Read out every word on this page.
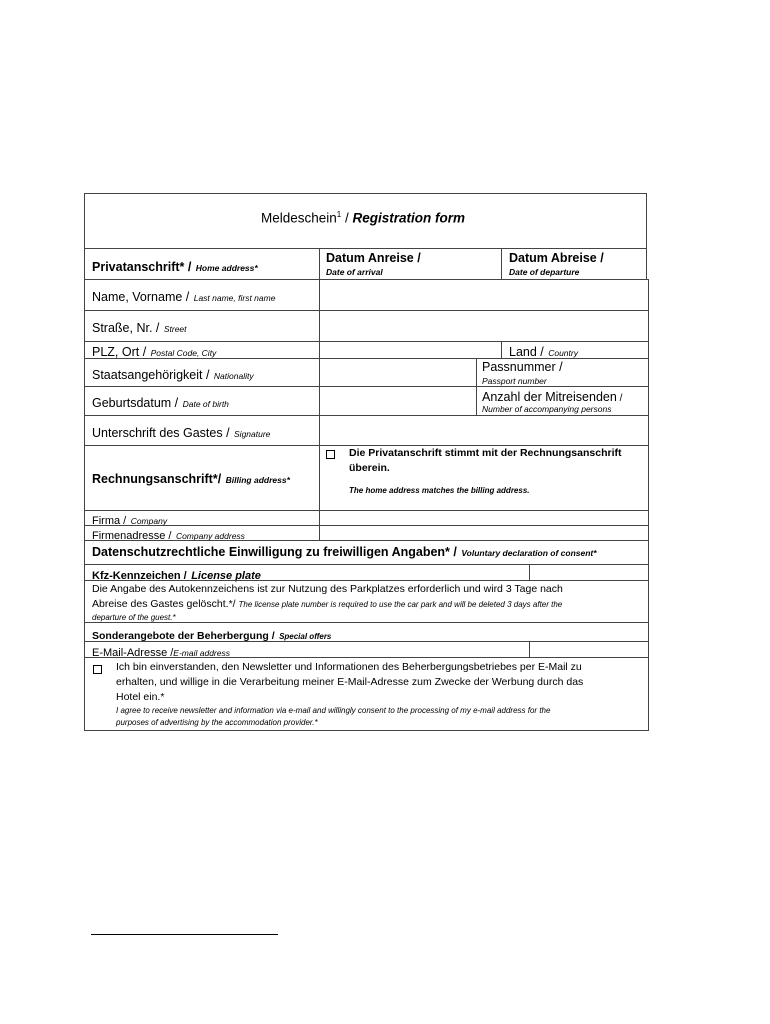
Meldeschein$^1$ / Registration form
Privatanschrift* / Home address*
Datum Anreise /
Date of arrival
Datum Abreise /
Date of departure
Name, Vorname / Last name, first name
Straße, Nr. / Street
PLZ, Ort / Postal Code, City	Land / Country
Staatsangehörigkeit / Nationality
Passnummer /
Passport number
Geburtsdatum / Date of birth	Anzahl der Mitreisenden /
Number of accompanying persons
Unterschrift des Gastes / Signature
Rechnungsanschrift*/ Billing address*
Die Privatanschrift stimmt mit der Rechnungsanschrift
überein.
The home address matches the billing address.
Firma / Company
Firmenadresse / Company address
Datenschutzrechtliche Einwilligung zu freiwilligen Angaben* / Voluntary declaration of consent*
Kfz-Kennzeichen / License plate
Die Angabe des Autokennzeichens ist zur Nutzung des Parkplatzes erforderlich und wird 3 Tage nach
Abreise des Gastes gelöscht.*/ The license plate number is required to use the car park and will be deleted 3 days after the
departure of the guest.*
Sonderangebote der Beherbergung / Special offers
E-Mail-Adresse /E-mail address
Ich bin einverstanden, den Newsletter und Informationen des Beherbergungsbetriebes per E-Mail zu
erhalten, und willige in die Verarbeitung meiner E-Mail-Adresse zum Zwecke der Werbung durch das
Hotel ein.*
I agree to receive newsletter and information via e-mail and willingly consent to the processing of my e-mail address for the
purposes of advertising by the accommodation provider.*
